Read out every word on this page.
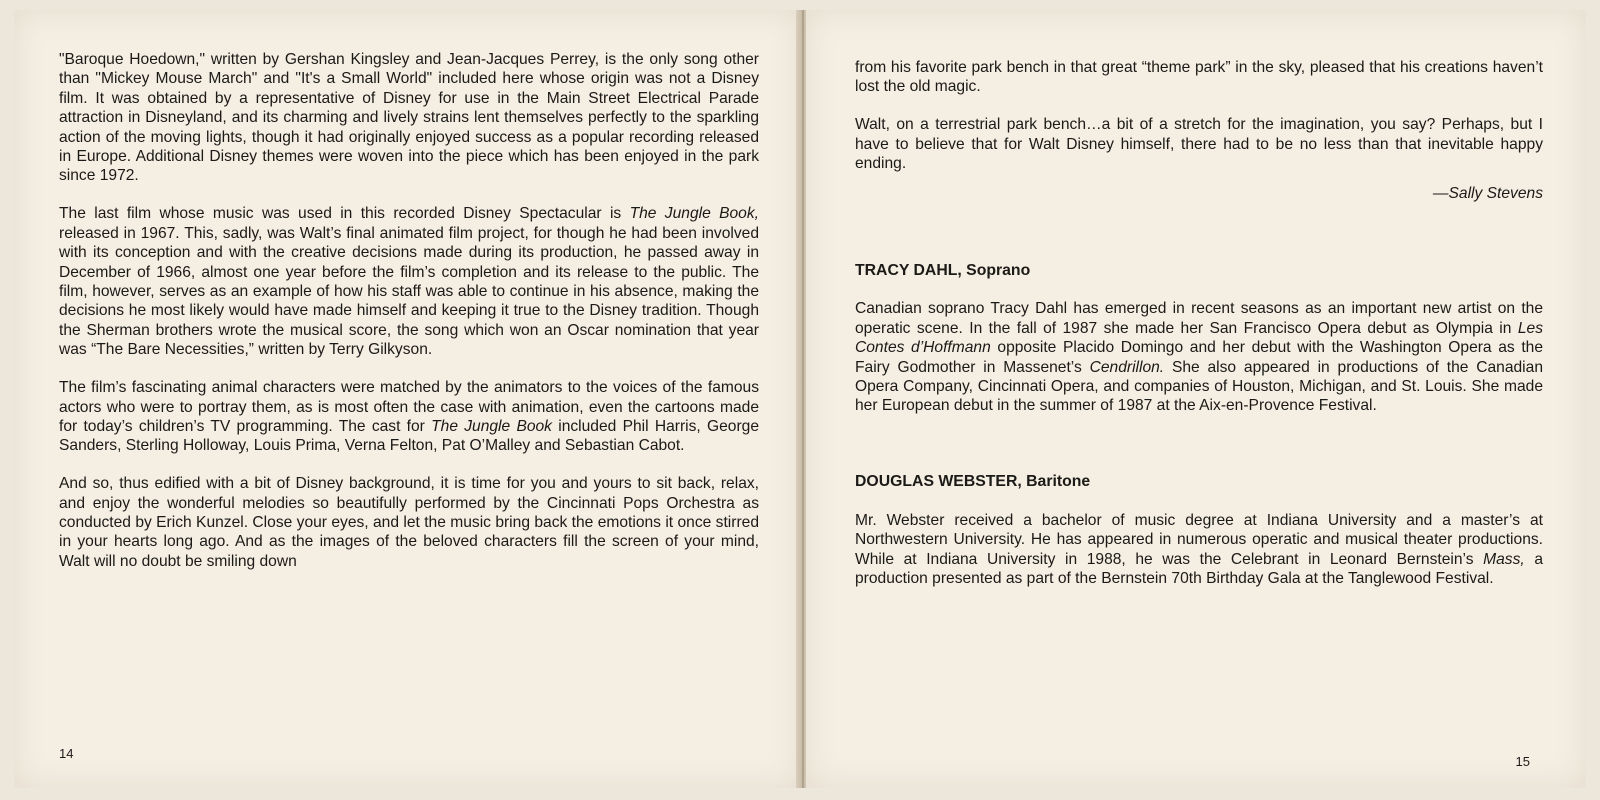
"Baroque Hoedown," written by Gershan Kingsley and Jean-Jacques Perrey, is the only song other than "Mickey Mouse March" and "It's a Small World" included here whose origin was not a Disney film. It was obtained by a representative of Disney for use in the Main Street Electrical Parade attraction in Disneyland, and its charming and lively strains lent themselves perfectly to the sparkling action of the moving lights, though it had originally enjoyed success as a popular recording released in Europe. Additional Disney themes were woven into the piece which has been enjoyed in the park since 1972.

The last film whose music was used in this recorded Disney Spectacular is The Jungle Book, released in 1967. This, sadly, was Walt’s final animated film project, for though he had been involved with its conception and with the creative decisions made during its production, he passed away in December of 1966, almost one year before the film’s completion and its release to the public. The film, however, serves as an example of how his staff was able to continue in his absence, making the decisions he most likely would have made himself and keeping it true to the Disney tradition. Though the Sherman brothers wrote the musical score, the song which won an Oscar nomination that year was “The Bare Necessities,” written by Terry Gilkyson.

The film’s fascinating animal characters were matched by the animators to the voices of the famous actors who were to portray them, as is most often the case with animation, even the cartoons made for today’s children’s TV programming. The cast for The Jungle Book included Phil Harris, George Sanders, Sterling Holloway, Louis Prima, Verna Felton, Pat O’Malley and Sebastian Cabot.

And so, thus edified with a bit of Disney background, it is time for you and yours to sit back, relax, and enjoy the wonderful melodies so beautifully performed by the Cincinnati Pops Orchestra as conducted by Erich Kunzel. Close your eyes, and let the music bring back the emotions it once stirred in your hearts long ago. And as the images of the beloved characters fill the screen of your mind, Walt will no doubt be smiling down

14

from his favorite park bench in that great “theme park” in the sky, pleased that his creations haven’t lost the old magic.

Walt, on a terrestrial park bench…a bit of a stretch for the imagination, you say? Perhaps, but I have to believe that for Walt Disney himself, there had to be no less than that inevitable happy ending.

—Sally Stevens

TRACY DAHL, Soprano

Canadian soprano Tracy Dahl has emerged in recent seasons as an important new artist on the operatic scene. In the fall of 1987 she made her San Francisco Opera debut as Olympia in Les Contes d’Hoffmann opposite Placido Domingo and her debut with the Washington Opera as the Fairy Godmother in Massenet’s Cendrillon. She also appeared in productions of the Canadian Opera Company, Cincinnati Opera, and companies of Houston, Michigan, and St. Louis. She made her European debut in the summer of 1987 at the Aix-en-Provence Festival.

DOUGLAS WEBSTER, Baritone

Mr. Webster received a bachelor of music degree at Indiana University and a master’s at Northwestern University. He has appeared in numerous operatic and musical theater productions. While at Indiana University in 1988, he was the Celebrant in Leonard Bernstein’s Mass, a production presented as part of the Bernstein 70th Birthday Gala at the Tanglewood Festival.

15
